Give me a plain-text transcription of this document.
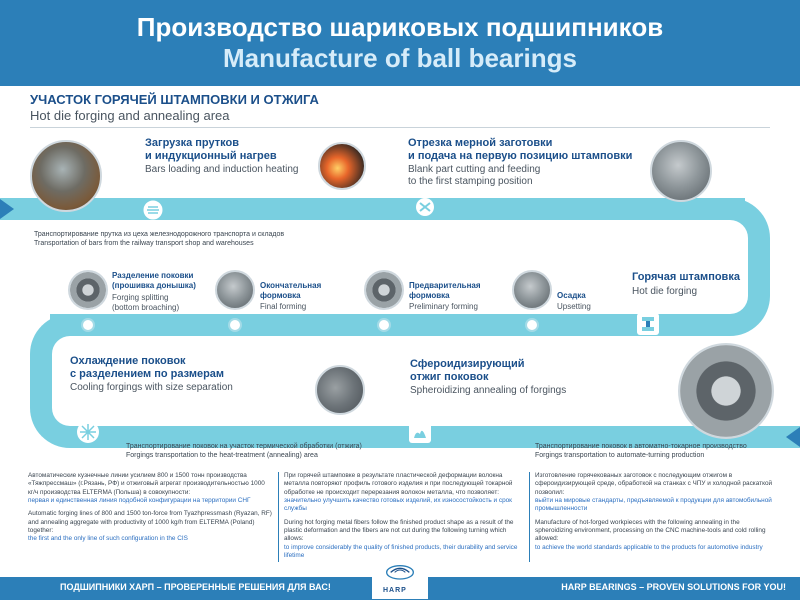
Производство шариковых подшипников
Manufacture of ball bearings
УЧАСТОК ГОРЯЧЕЙ ШТАМПОВКИ И ОТЖИГА
Hot die forging and annealing area
Загрузка прутков
и индукционный нагрев
Bars loading and induction heating
Отрезка мерной заготовки
и подача на первую позицию штамповки
Blank part cutting and feeding
to the first stamping position
Транспортирование прутка из цеха железнодорожного транспорта и складов
Transportation of bars from the railway transport shop and warehouses
Разделение поковки
(прошивка донышка)
Forging splitting
(bottom broaching)
Окончательная
формовка
Final forming
Предварительная
формовка
Preliminary forming
Осадка
Upsetting
Горячая штамповка
Hot die forging
Охлаждение поковок
с разделением по размерам
Cooling forgings with size separation
Сфероидизирующий
отжиг поковок
Spheroidizing annealing of forgings
Транспортирование поковок на участок термической обработки (отжига)
Forgings transportation to the heat-treatment (annealing) area
Транспортирование поковок в автоматно-токарное производство
Forgings transportation to automate-turning production
Автоматические кузнечные линии усилием 800 и 1500 тонн производства «Тяжпрессмаш» (г.Рязань, РФ) и отжиговый агрегат производительностью 1000 кг/ч производства ELTERMA (Польша) в совокупности:
первая и единственная линия подобной конфигурации на территории СНГ
Automatic forging lines of 800 and 1500 ton-force from Tyazhpressmash (Ryazan, RF) and annealing aggregate with productivity of 1000 kg/h from ELTERMA (Poland) together:
the first and the only line of such configuration in the CIS
При горячей штамповке в результате пластической деформации волокна металла повторяют профиль готового изделия и при последующей токарной обработке не происходит перерезания волокон металла, что позволяет:
значительно улучшить качество готовых изделий, их износостойкость и срок службы
During hot forging metal fibers follow the finished product shape as a result of the plastic deformation and the fibers are not cut during the following turning which allows:
to improve considerably the quality of finished products, their durability and service lifetime
Изготовление горячекованых заготовок с последующим отжигом в сфероидизирующей среде, обработкой на станках с ЧПУ и холодной раскаткой позволил:
выйти на мировые стандарты, предъявляемой к продукции для автомобильной промышленности
Manufacture of hot-forged workpieces with the following annealing in the spheroidizing environment, processing on the CNC machine-tools and cold rolling allowed:
to achieve the world standards applicable to the products for automotive industry
ПОДШИПНИКИ ХАРП – ПРОВЕРЕННЫЕ РЕШЕНИЯ ДЛЯ ВАС!	HARP BEARINGS – PROVEN SOLUTIONS FOR YOU!
HARP
